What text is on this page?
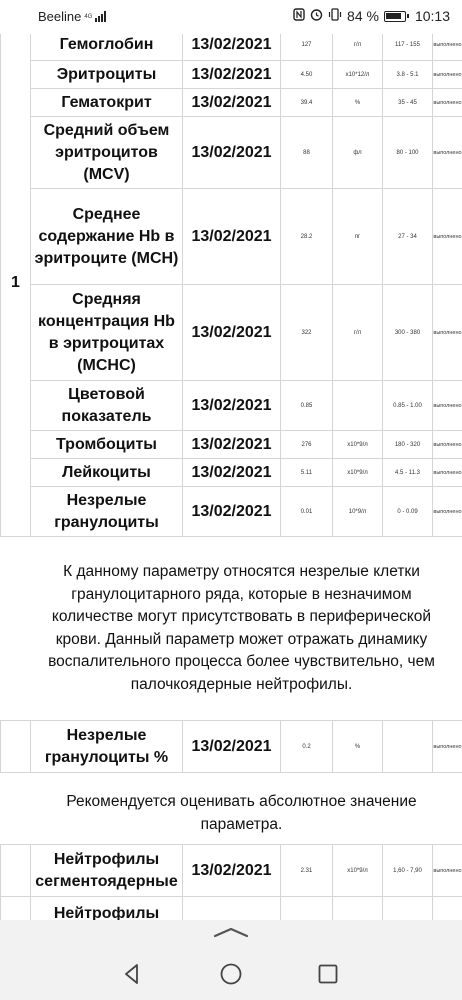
Beeline 4G	84 %	10:13
1	Гемоглобин	13/02/2021	127	г/л	117 - 155	выполнено
	Эритроциты	13/02/2021	4.50	х10*12/л	3.8 - 5.1	выполнено
	Гематокрит	13/02/2021	39.4	%	35 - 45	выполнено
	Средний объем эритроцитов (MCV)	13/02/2021	88	фл	80 - 100	выполнено
	Среднее содержание Hb в эритроците (MCH)	13/02/2021	28.2	пг	27 - 34	выполнено
	Средняя концентрация Hb в эритроцитах (MCHC)	13/02/2021	322	г/л	300 - 380	выполнено
	Цветовой показатель	13/02/2021	0.85		0.85 - 1.00	выполнено
	Тромбоциты	13/02/2021	276	х10*9/л	180 - 320	выполнено
	Лейкоциты	13/02/2021	5.11	х10*9/л	4.5 - 11.3	выполнено
	Незрелые гранулоциты	13/02/2021	0.01	10*9/л	0 - 0.09	выполнено
К данному параметру относятся незрелые клетки гранулоцитарного ряда, которые в незначимом количестве могут присутствовать в периферической крови. Данный параметр может отражать динамику воспалительного процесса более чувствительно, чем палочкоядерные нейтрофилы.						
	Незрелые гранулоциты %	13/02/2021	0.2	%		выполнено
Рекомендуется оценивать абсолютное значение параметра.						
	Нейтрофилы сегментоядерные	13/02/2021	2.31	х10*9/л	1,60 - 7,90	выполнено
	Нейтрофилы					
